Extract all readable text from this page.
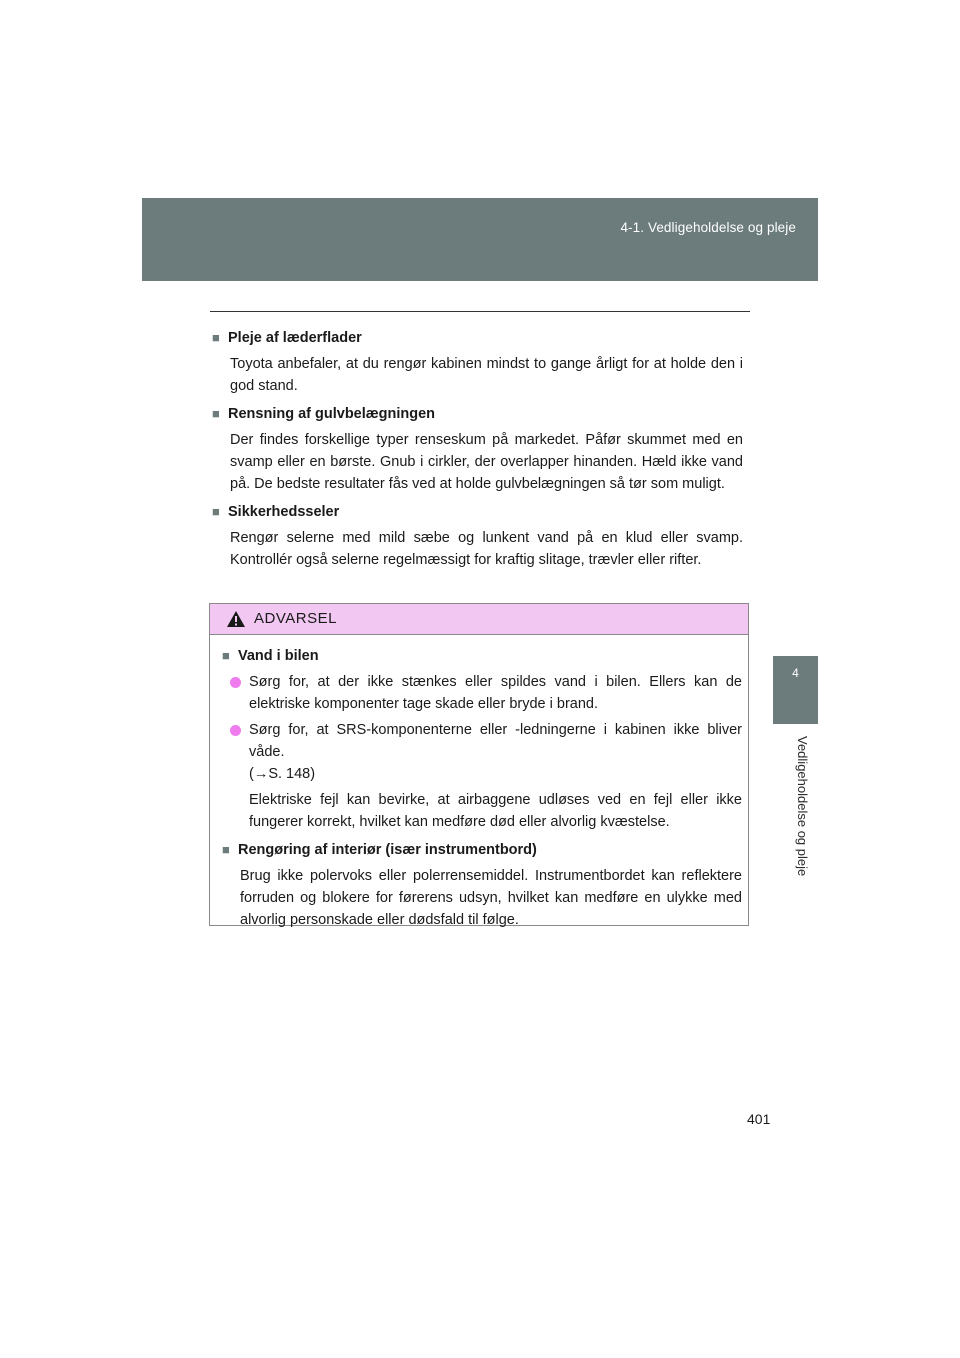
4-1. Vedligeholdelse og pleje
4
Vedligeholdelse og pleje

■ Pleje af læderflader

Toyota anbefaler, at du rengør kabinen mindst to gange årligt for at holde den i god stand.

■ Rensning af gulvbelægningen

Der findes forskellige typer renseskum på markedet. Påfør skummet med en svamp eller en børste. Gnub i cirkler, der overlapper hinanden. Hæld ikke vand på. De bedste resultater fås ved at holde gulvbelægningen så tør som muligt.

■ Sikkerhedsseler

Rengør selerne med mild sæbe og lunkent vand på en klud eller svamp. Kontrollér også selerne regelmæssigt for kraftig slitage, trævler eller rifter.

ADVARSEL

■ Vand i bilen

Sørg for, at der ikke stænkes eller spildes vand i bilen. Ellers kan de elektriske komponenter tage skade eller bryde i brand.

Sørg for, at SRS-komponenterne eller -ledningerne i kabinen ikke bliver våde.

(→S. 148)

Elektriske fejl kan bevirke, at airbaggene udløses ved en fejl eller ikke fungerer korrekt, hvilket kan medføre død eller alvorlig kvæstelse.

■ Rengøring af interiør (især instrumentbord)

Brug ikke polervoks eller polerrensemiddel. Instrumentbordet kan reflektere forruden og blokere for førerens udsyn, hvilket kan medføre en ulykke med alvorlig personskade eller dødsfald til følge.

401
